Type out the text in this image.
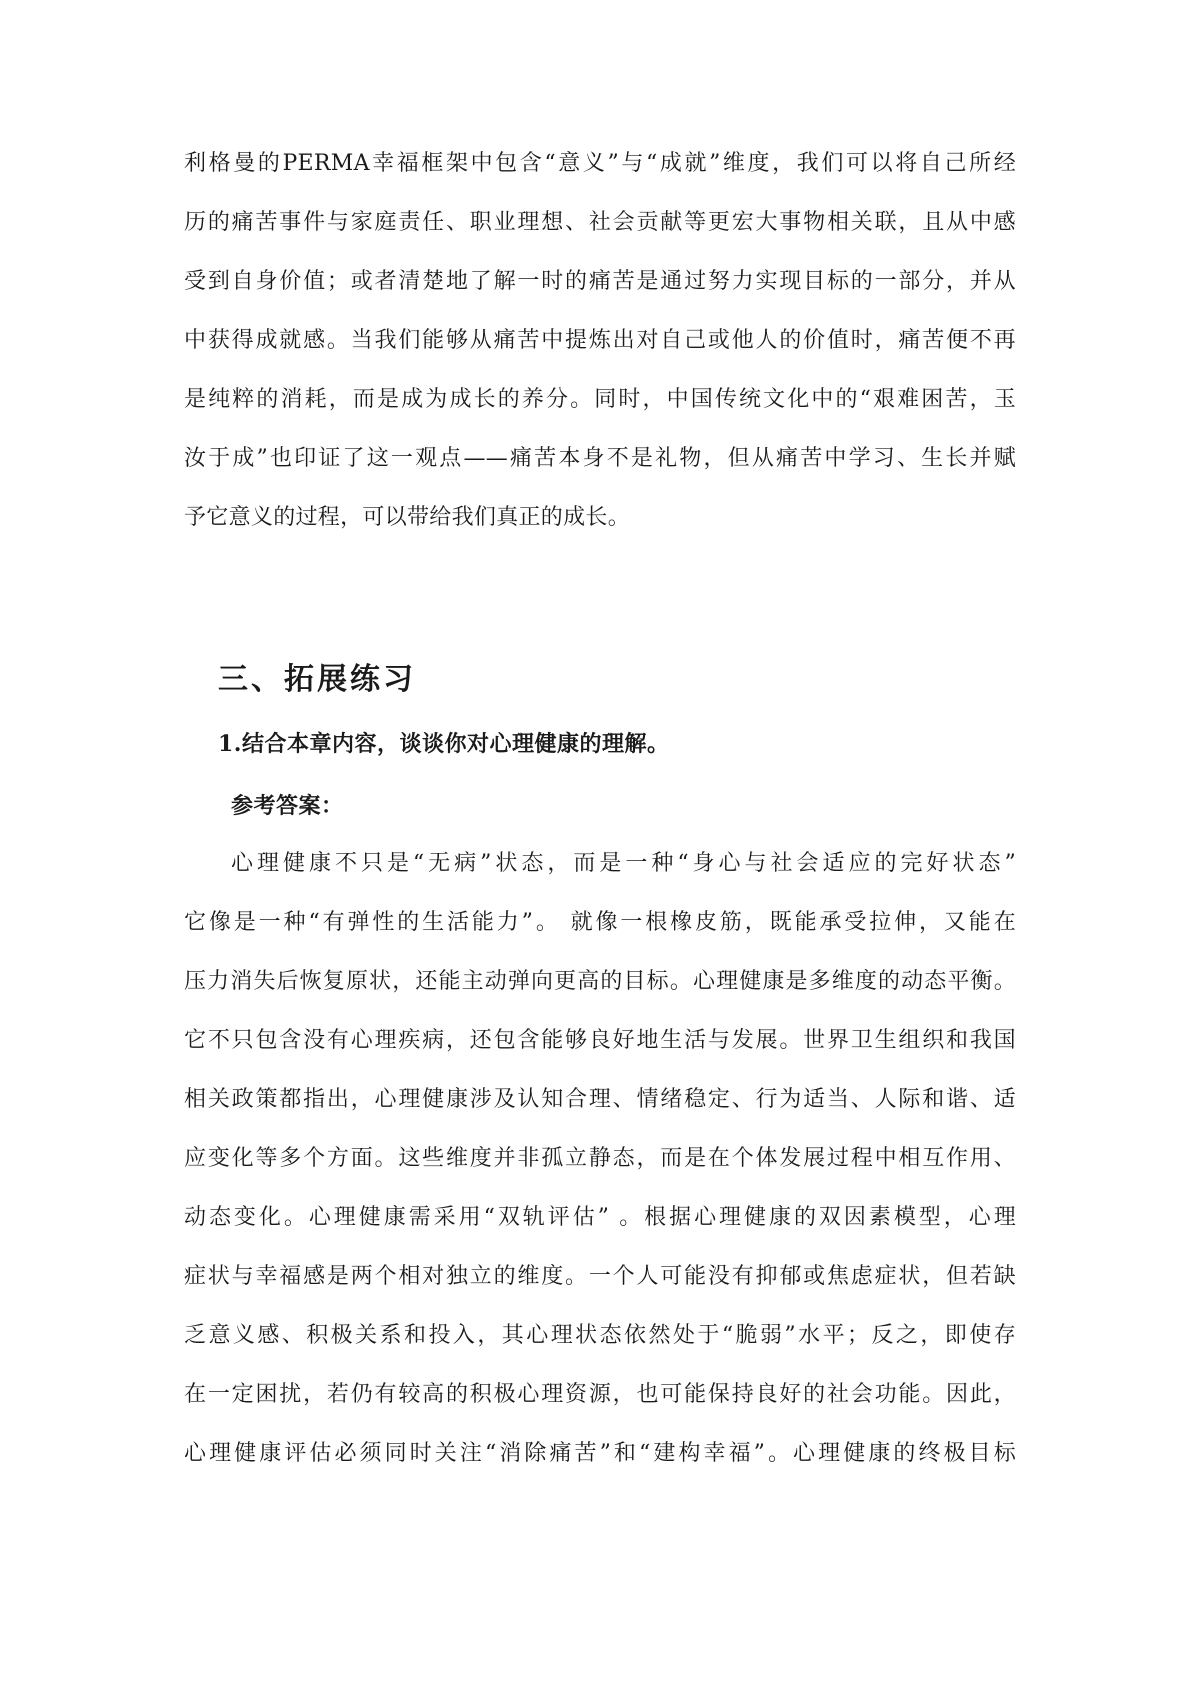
利格曼的PERMA幸福框架中包含“意义”与“成就”维度，我们可以将自己所经
历的痛苦事件与家庭责任、职业理想、社会贡献等更宏大事物相关联，且从中感
受到自身价值；或者清楚地了解一时的痛苦是通过努力实现目标的一部分，并从
中获得成就感。当我们能够从痛苦中提炼出对自己或他人的价值时，痛苦便不再
是纯粹的消耗，而是成为成长的养分。同时，中国传统文化中的“艰难困苦，玉
汝于成”也印证了这一观点——痛苦本身不是礼物，但从痛苦中学习、生长并赋
予它意义的过程，可以带给我们真正的成长。
三、拓展练习
1.结合本章内容，谈谈你对心理健康的理解。
参考答案：
心理健康不只是“无病”状态，而是一种“身心与社会适应的完好状态”
它像是一种“有弹性的生活能力”。 就像一根橡皮筋，既能承受拉伸，又能在
压力消失后恢复原状，还能主动弹向更高的目标。心理健康是多维度的动态平衡。
它不只包含没有心理疾病，还包含能够良好地生活与发展。世界卫生组织和我国
相关政策都指出，心理健康涉及认知合理、情绪稳定、行为适当、人际和谐、适
应变化等多个方面。这些维度并非孤立静态，而是在个体发展过程中相互作用、
动态变化。心理健康需采用“双轨评估” 。根据心理健康的双因素模型，心理
症状与幸福感是两个相对独立的维度。一个人可能没有抑郁或焦虑症状，但若缺
乏意义感、积极关系和投入，其心理状态依然处于“脆弱”水平；反之，即使存
在一定困扰，若仍有较高的积极心理资源，也可能保持良好的社会功能。因此，
心理健康评估必须同时关注“消除痛苦”和“建构幸福”。心理健康的终极目标
